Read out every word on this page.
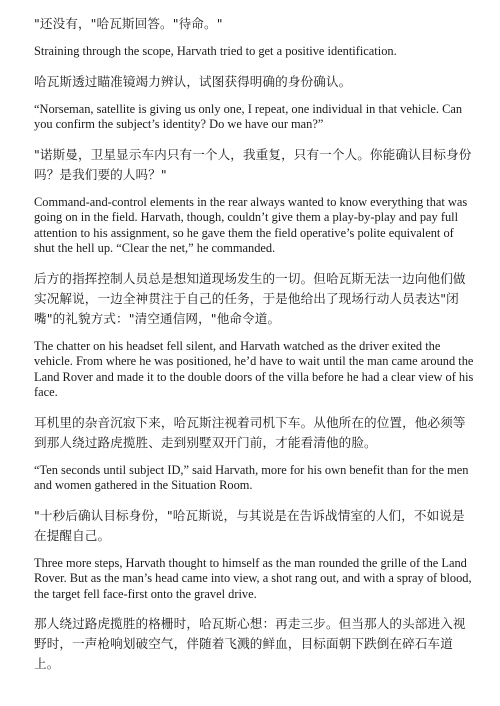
"还没有，"哈瓦斯回答。"待命。"

Straining through the scope, Harvath tried to get a positive identification.

哈瓦斯透过瞄准镜竭力辨认，试图获得明确的身份确认。

“Norseman, satellite is giving us only one, I repeat, one individual in that vehicle. Can you confirm the subject’s identity? Do we have our man?”

"诺斯曼，卫星显示车内只有一个人，我重复，只有一个人。你能确认目标身份吗？是我们要的人吗？"

Command-and-control elements in the rear always wanted to know everything that was going on in the field. Harvath, though, couldn’t give them a play-by-play and pay full attention to his assignment, so he gave them the field operative’s polite equivalent of shut the hell up. “Clear the net,” he commanded.

后方的指挥控制人员总是想知道现场发生的一切。但哈瓦斯无法一边向他们做实况解说，一边全神贯注于自己的任务，于是他给出了现场行动人员表达"闭嘴"的礼貌方式："清空通信网，"他命令道。

The chatter on his headset fell silent, and Harvath watched as the driver exited the vehicle. From where he was positioned, he’d have to wait until the man came around the Land Rover and made it to the double doors of the villa before he had a clear view of his face.

耳机里的杂音沉寂下来，哈瓦斯注视着司机下车。从他所在的位置，他必须等到那人绕过路虎揽胜、走到别墅双开门前，才能看清他的脸。

“Ten seconds until subject ID,” said Harvath, more for his own benefit than for the men and women gathered in the Situation Room.

"十秒后确认目标身份，"哈瓦斯说，与其说是在告诉战情室的人们，不如说是在提醒自己。

Three more steps, Harvath thought to himself as the man rounded the grille of the Land Rover. But as the man’s head came into view, a shot rang out, and with a spray of blood, the target fell face-first onto the gravel drive.

那人绕过路虎揽胜的格栅时，哈瓦斯心想：再走三步。但当那人的头部进入视野时，一声枪响划破空气，伴随着飞溅的鲜血，目标面朝下跌倒在碎石车道上。
